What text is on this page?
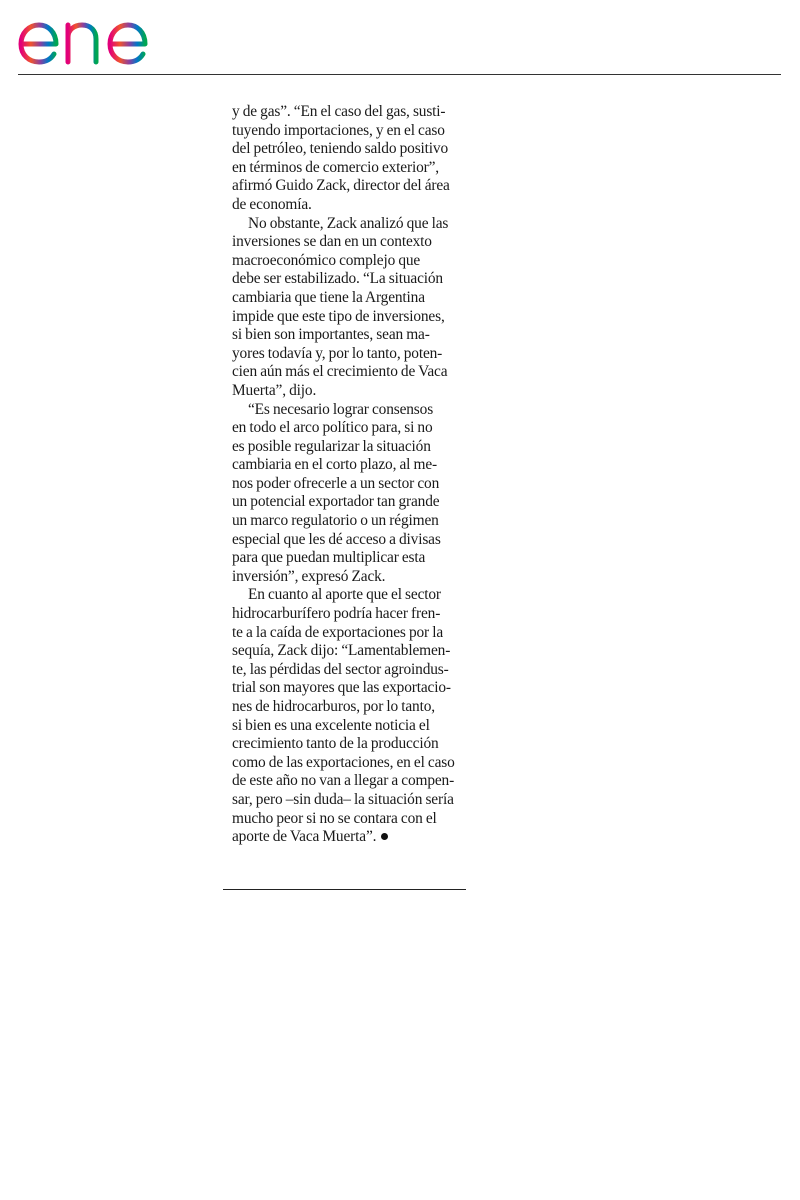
y de gas”. “En el caso del gas, susti-
tuyendo importaciones, y en el caso
del petróleo, teniendo saldo positivo
en términos de comercio exterior”,
afirmó Guido Zack, director del área
de economía.

No obstante, Zack analizó que las
inversiones se dan en un contexto
macroeconómico complejo que
debe ser estabilizado. “La situación
cambiaria que tiene la Argentina
impide que este tipo de inversiones,
si bien son importantes, sean ma-
yores todavía y, por lo tanto, poten-
cien aún más el crecimiento de Vaca
Muerta”, dijo.

“Es necesario lograr consensos
en todo el arco político para, si no
es posible regularizar la situación
cambiaria en el corto plazo, al me-
nos poder ofrecerle a un sector con
un potencial exportador tan grande
un marco regulatorio o un régimen
especial que les dé acceso a divisas
para que puedan multiplicar esta
inversión”, expresó Zack.

En cuanto al aporte que el sector
hidrocarburífero podría hacer fren-
te a la caída de exportaciones por la
sequía, Zack dijo: “Lamentablemen-
te, las pérdidas del sector agroindus-
trial son mayores que las exportacio-
nes de hidrocarburos, por lo tanto,
si bien es una excelente noticia el
crecimiento tanto de la producción
como de las exportaciones, en el caso
de este año no van a llegar a compen-
sar, pero –sin duda– la situación sería
mucho peor si no se contara con el
aporte de Vaca Muerta”.
